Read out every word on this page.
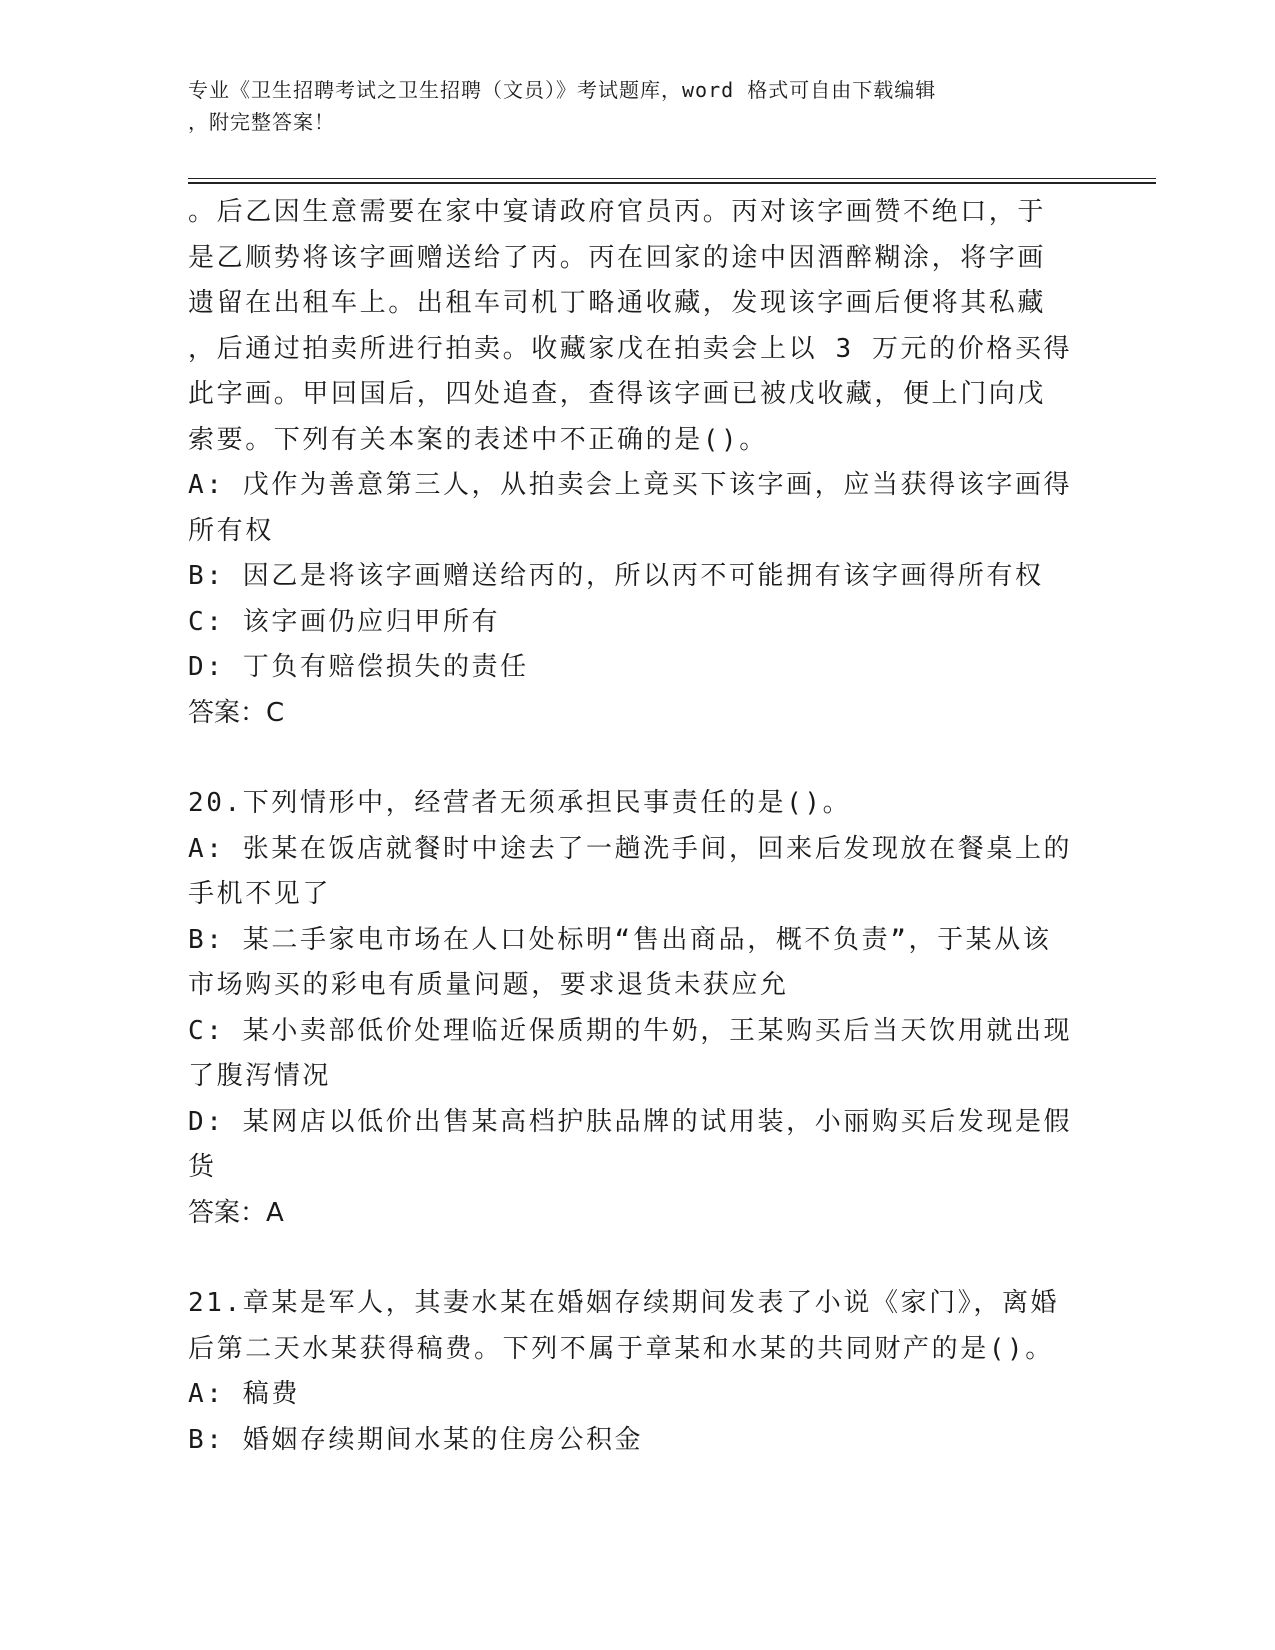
专业《卫生招聘考试之卫生招聘（文员）》考试题库，word 格式可自由下载编辑
，附完整答案！
。后乙因生意需要在家中宴请政府官员丙。丙对该字画赞不绝口，于
是乙顺势将该字画赠送给了丙。丙在回家的途中因酒醉糊涂，将字画
遗留在出租车上。出租车司机丁略通收藏，发现该字画后便将其私藏
，后通过拍卖所进行拍卖。收藏家戊在拍卖会上以 3 万元的价格买得
此字画。甲回国后，四处追查，查得该字画已被戊收藏，便上门向戊
索要。下列有关本案的表述中不正确的是()。
A: 戊作为善意第三人，从拍卖会上竟买下该字画，应当获得该字画得
所有权
B: 因乙是将该字画赠送给丙的，所以丙不可能拥有该字画得所有权
C: 该字画仍应归甲所有
D: 丁负有赔偿损失的责任
答案：C
20.下列情形中，经营者无须承担民事责任的是()。
A: 张某在饭店就餐时中途去了一趟洗手间，回来后发现放在餐桌上的
手机不见了
B: 某二手家电市场在人口处标明“售出商品，概不负责”，于某从该
市场购买的彩电有质量问题，要求退货未获应允
C: 某小卖部低价处理临近保质期的牛奶，王某购买后当天饮用就出现
了腹泻情况
D: 某网店以低价出售某高档护肤品牌的试用装，小丽购买后发现是假
货
答案：A
21.章某是军人，其妻水某在婚姻存续期间发表了小说《家门》，离婚
后第二天水某获得稿费。下列不属于章某和水某的共同财产的是()。
A: 稿费
B: 婚姻存续期间水某的住房公积金
